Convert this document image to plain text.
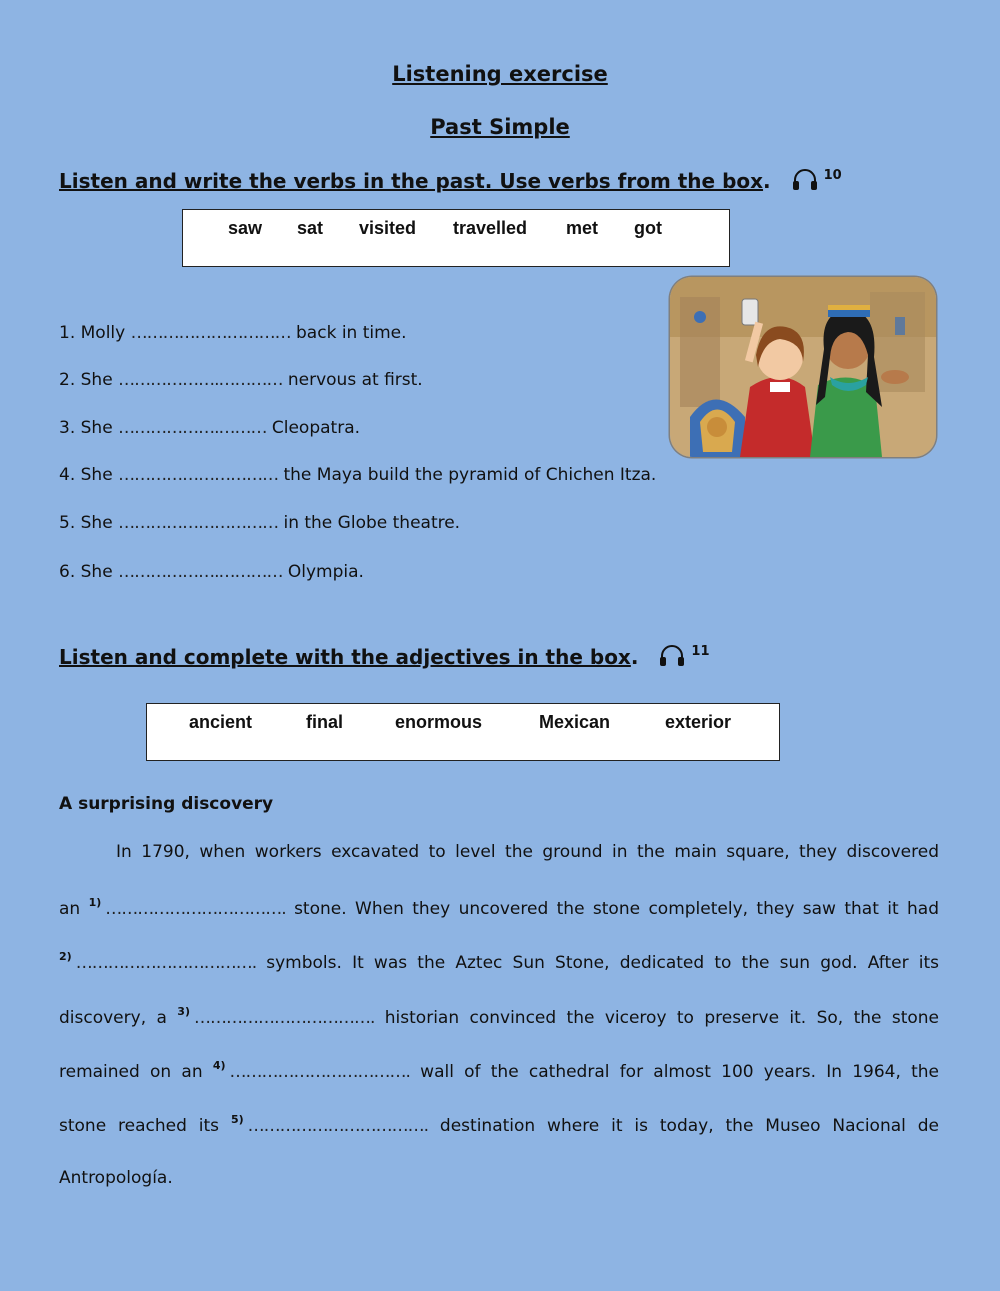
Listening exercise
Past Simple
Listen and write the verbs in the past. Use verbs from the box.	$^{10}$
saw sat visited travelled met got
1. Molly ………………………… back in time.
2. She ……………….………… nervous at first.
3. She ……………….……… Cleopatra.
4. She ………………………… the Maya build the pyramid of Chichen Itza.
5. She ………………………… in the Globe theatre.
6. She ……………….………… Olympia.
Listen and complete with the adjectives in the box.	$^{11}$
ancient	final	enormous	Mexican	exterior
A surprising discovery
In 1790, when workers excavated to level the ground in the main square, they discovered
an $^{1)}$ ……………………………. stone. When they uncovered the stone completely, they saw that it had
$^{2)}$ ……………………………. symbols. It was the Aztec Sun Stone, dedicated to the sun god. After its
discovery, a $^{3)}$ ……………………………. historian convinced the viceroy to preserve it. So, the stone
remained on an $^{4)}$ ……………………………. wall of the cathedral for almost 100 years. In 1964, the
stone reached its $^{5)}$ ……………………………. destination where it is today, the Museo Nacional de
Antropología.
